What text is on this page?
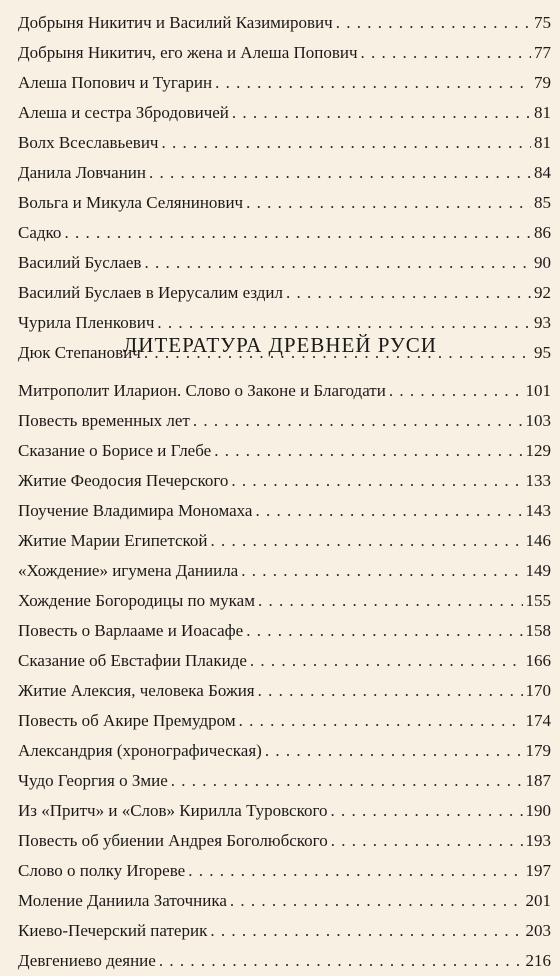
Добрыня Никитич и Василий Казимирович . . .	75
Добрыня Никитич, его жена и Алеша Попович . . .	77
Алеша Попович и Тугарин . . .	79
Алеша и сестра Збродовичей . . .	81
Волх Всеславьевич . . .	81
Данила Ловчанин . . .	84
Вольга и Микула Селянинович . . .	85
Садко . . .	86
Василий Буслаев . . .	90
Василий Буслаев в Иерусалим ездил . . .	92
Чурила Пленкович . . .	93
Дюк Степанович . . .	95
ЛИТЕРАТУРА ДРЕВНЕЙ РУСИ
Митрополит Иларион. Слово о Законе и Благодати . . .	101
Повесть временных лет . . .	103
Сказание о Борисе и Глебе . . .	129
Житие Феодосия Печерского . . .	133
Поучение Владимира Мономаха . . .	143
Житие Марии Египетской . . .	146
«Хождение» игумена Даниила . . .	149
Хождение Богородицы по мукам . . .	155
Повесть о Варлааме и Иоасафе . . .	158
Сказание об Евстафии Плакиде . . .	166
Житие Алексия, человека Божия . . .	170
Повесть об Акире Премудром . . .	174
Александрия (хронографическая) . . .	179
Чудо Георгия о Змие . . .	187
Из «Притч» и «Слов» Кирилла Туровского . . .	190
Повесть об убиении Андрея Боголюбского . . .	193
Слово о полку Игореве . . .	197
Моление Даниила Заточника . . .	201
Киево-Печерский патерик . . .	203
Девгениево деяние . . .	216
